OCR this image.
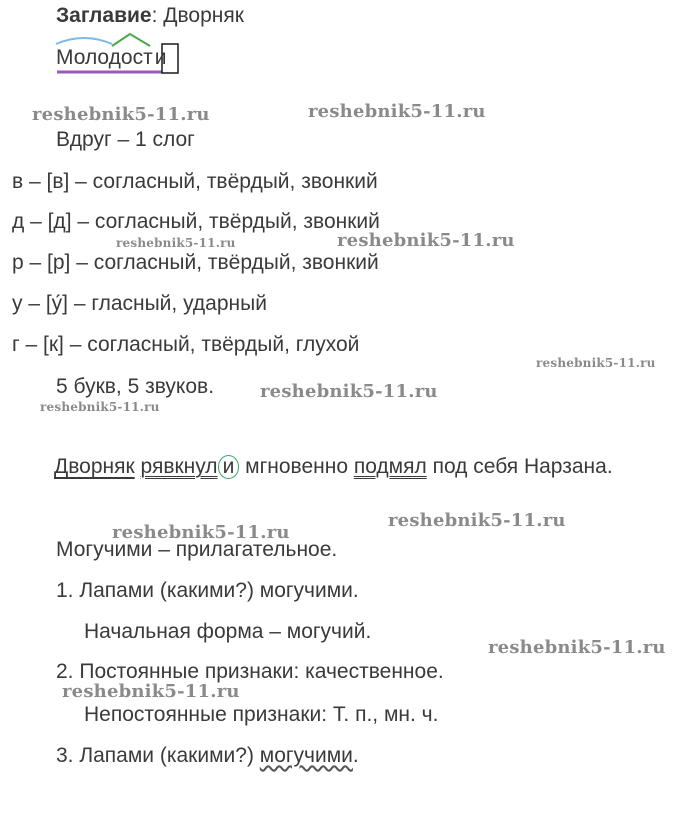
Заглавие: Дворняк
Молодости
Вдруг – 1 слог
в – [в] – согласный, твёрдый, звонкий
д – [д] – согласный, твёрдый, звонкий
р – [р] – согласный, твёрдый, звонкий
у – [у́] – гласный, ударный
г – [к] – согласный, твёрдый, глухой
5 букв, 5 звуков.
Дворняк рявкнул и мгновенно подмял под себя Нарзана.
Могучими – прилагательное.
1. Лапами (какими?) могучими.
Начальная форма – могучий.
2. Постоянные признаки: качественное.
Непостоянные признаки: Т. п., мн. ч.
3. Лапами (какими?) могучими.
reshebnik5-11.ru	reshebnik5-11.ru
reshebnik5-11.ru	reshebnik5-11.ru
reshebnik5-11.ru
reshebnik5-11.ru
reshebnik5-11.ru
reshebnik5-11.ru
reshebnik5-11.ru
reshebnik5-11.ru
reshebnik5-11.ru
